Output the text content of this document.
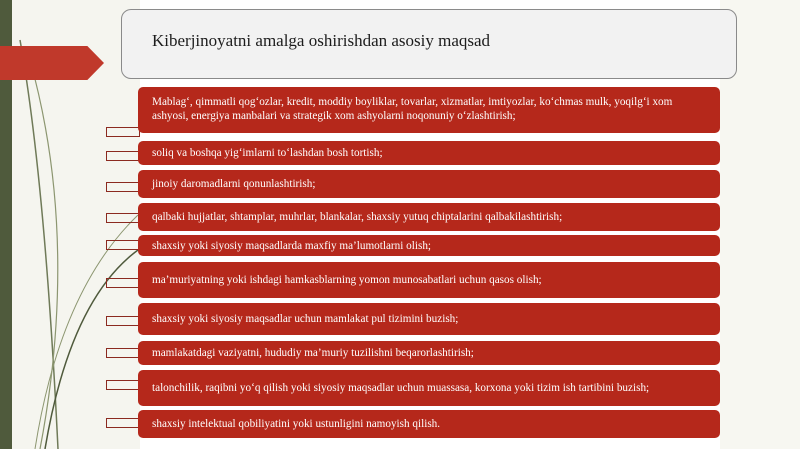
Kiberjinoyatni amalga oshirishdan asosiy maqsad
Mablag‘, qimmatli qog‘ozlar, kredit, moddiy boyliklar, tovarlar, xizmatlar, imtiyozlar, ko‘chmas mulk, yoqilg‘i xom ashyosi, energiya manbalari va strategik xom ashyolarni noqonuniy o‘zlashtirish;
soliq va boshqa yig‘imlarni to‘lashdan bosh tortish;
jinoiy daromadlarni qonunlashtirish;
qalbaki hujjatlar, shtamplar, muhrlar, blankalar, shaxsiy yutuq chiptalarini qalbakilashtirish;
shaxsiy yoki siyosiy maqsadlarda maxfiy ma’lumotlarni olish;
ma’muriyatning yoki ishdagi hamkasblarning yomon munosabatlari uchun qasos olish;
shaxsiy yoki siyosiy maqsadlar uchun mamlakat pul tizimini buzish;
mamlakatdagi vaziyatni, hududiy ma’muriy tuzilishni beqarorlashtirish;
talonchilik, raqibni yo‘q qilish yoki siyosiy maqsadlar uchun muassasa, korxona yoki tizim ish tartibini buzish;
shaxsiy intelektual qobiliyatini yoki ustunligini namoyish qilish.
